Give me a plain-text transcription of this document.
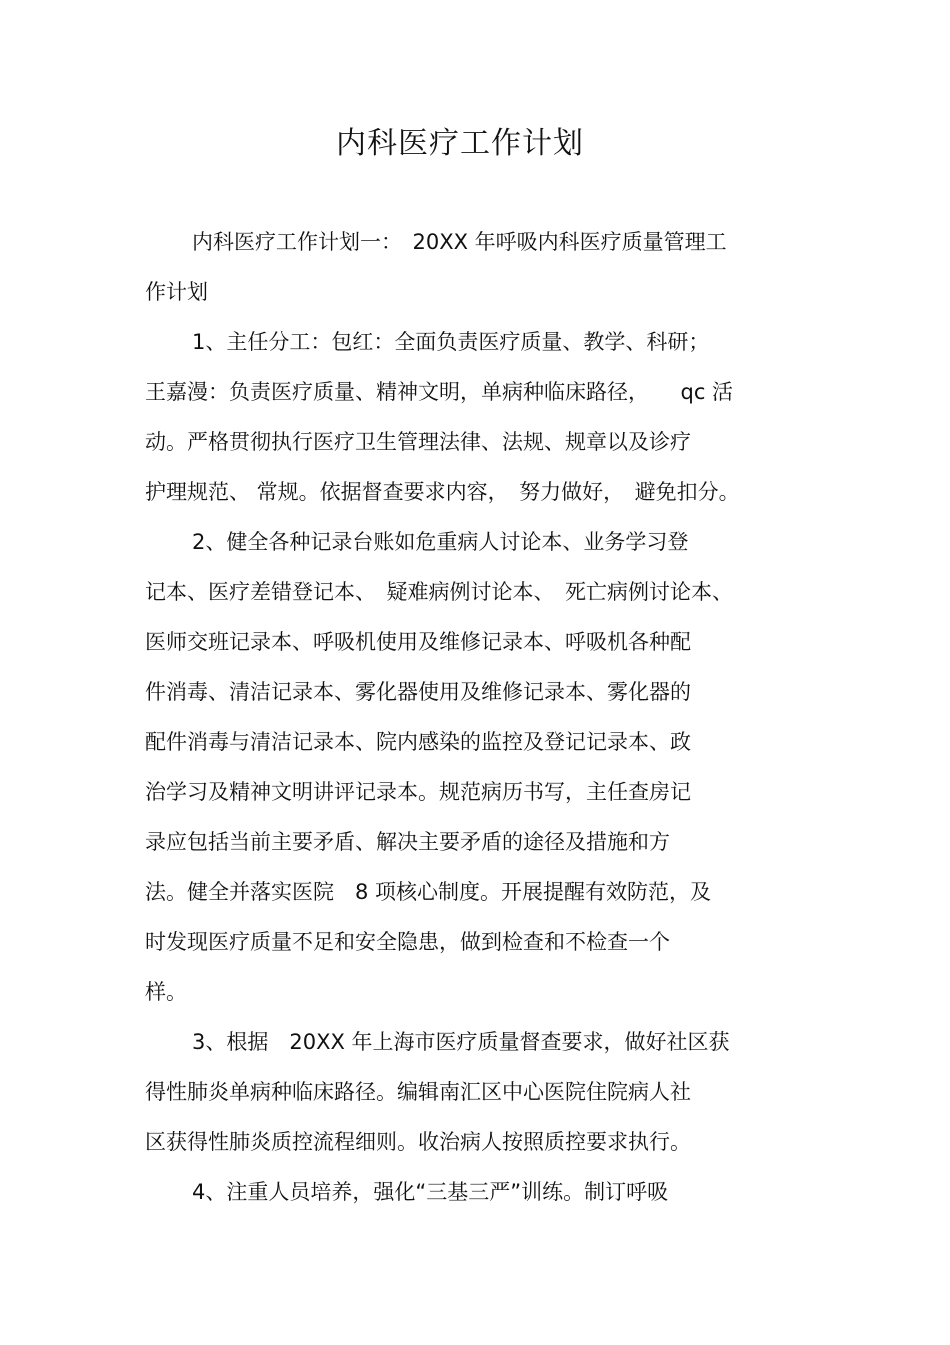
内科医疗工作计划
内科医疗工作计划一：　20XX 年呼吸内科医疗质量管理工
作计划
1、主任分工：包红：全面负责医疗质量、教学、科研；
王嘉漫：负责医疗质量、精神文明，单病种临床路径，　　qc 活
动。严格贯彻执行医疗卫生管理法律、法规、规章以及诊疗
护理规范、 常规。依据督查要求内容，　努力做好，　避免扣分。
2、健全各种记录台账如危重病人讨论本、业务学习登
记本、医疗差错登记本、　疑难病例讨论本、　死亡病例讨论本、
医师交班记录本、呼吸机使用及维修记录本、呼吸机各种配
件消毒、清洁记录本、雾化器使用及维修记录本、雾化器的
配件消毒与清洁记录本、院内感染的监控及登记记录本、政
治学习及精神文明讲评记录本。规范病历书写，主任查房记
录应包括当前主要矛盾、解决主要矛盾的途径及措施和方
法。健全并落实医院　8 项核心制度。开展提醒有效防范，及
时发现医疗质量不足和安全隐患，做到检查和不检查一个
样。
3、根据　20XX 年上海市医疗质量督查要求，做好社区获
得性肺炎单病种临床路径。编辑南汇区中心医院住院病人社
区获得性肺炎质控流程细则。收治病人按照质控要求执行。
4、注重人员培养，强化“三基三严”训练。制订呼吸
